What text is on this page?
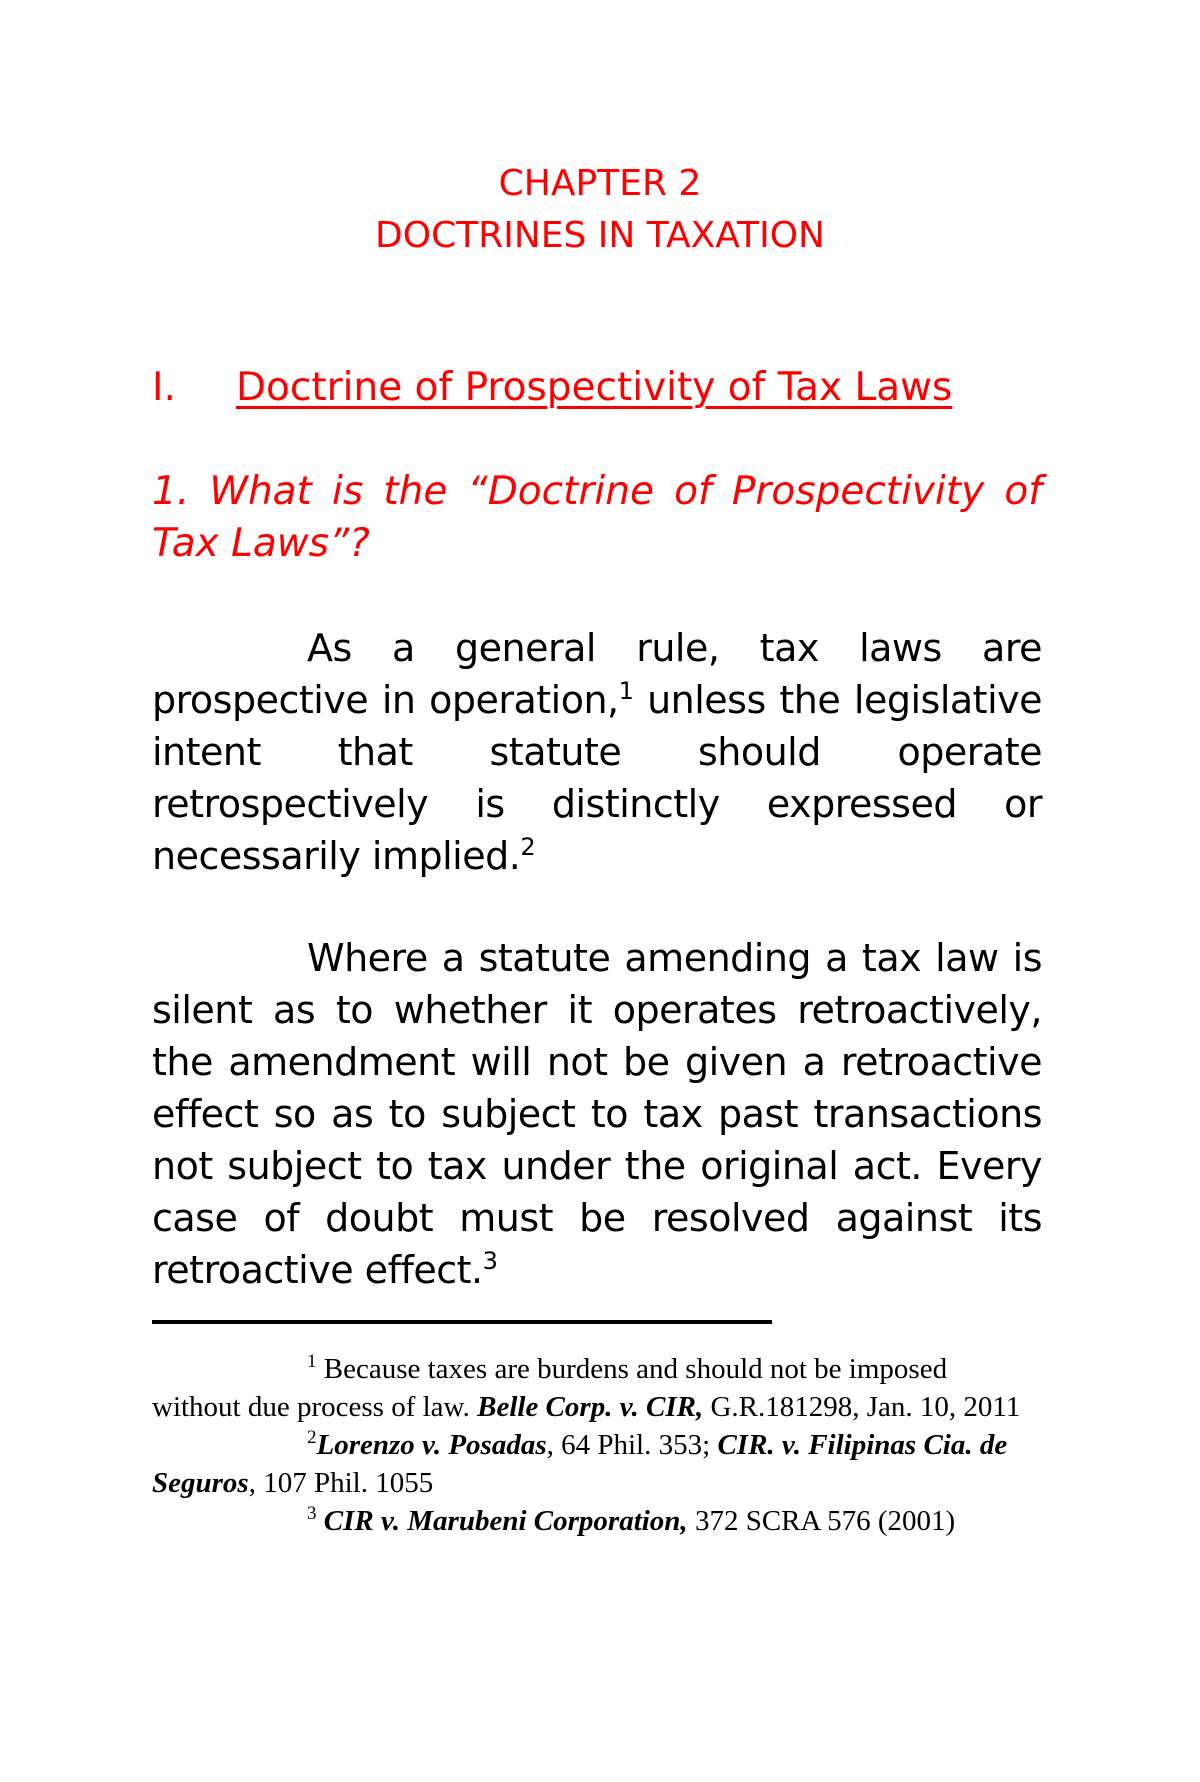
CHAPTER 2
DOCTRINES IN TAXATION
I. Doctrine of Prospectivity of Tax Laws
1. What is the “Doctrine of Prospectivity of Tax Laws”?

As a general rule, tax laws are prospective in operation,$^1$ unless the legislative intent that statute should operate retrospectively is distinctly expressed or necessarily implied.$^2$

Where a statute amending a tax law is silent as to whether it operates retroactively, the amendment will not be given a retroactive effect so as to subject to tax past transactions not subject to tax under the original act. Every case of doubt must be resolved against its retroactive effect.$^3$

$^1$ Because taxes are burdens and should not be imposed without due process of law. Belle Corp. v. CIR, G.R.181298, Jan. 10, 2011

$^2$Lorenzo v. Posadas, 64 Phil. 353; CIR. v. Filipinas Cia. de Seguros, 107 Phil. 1055

$^3$ CIR v. Marubeni Corporation, 372 SCRA 576 (2001)
